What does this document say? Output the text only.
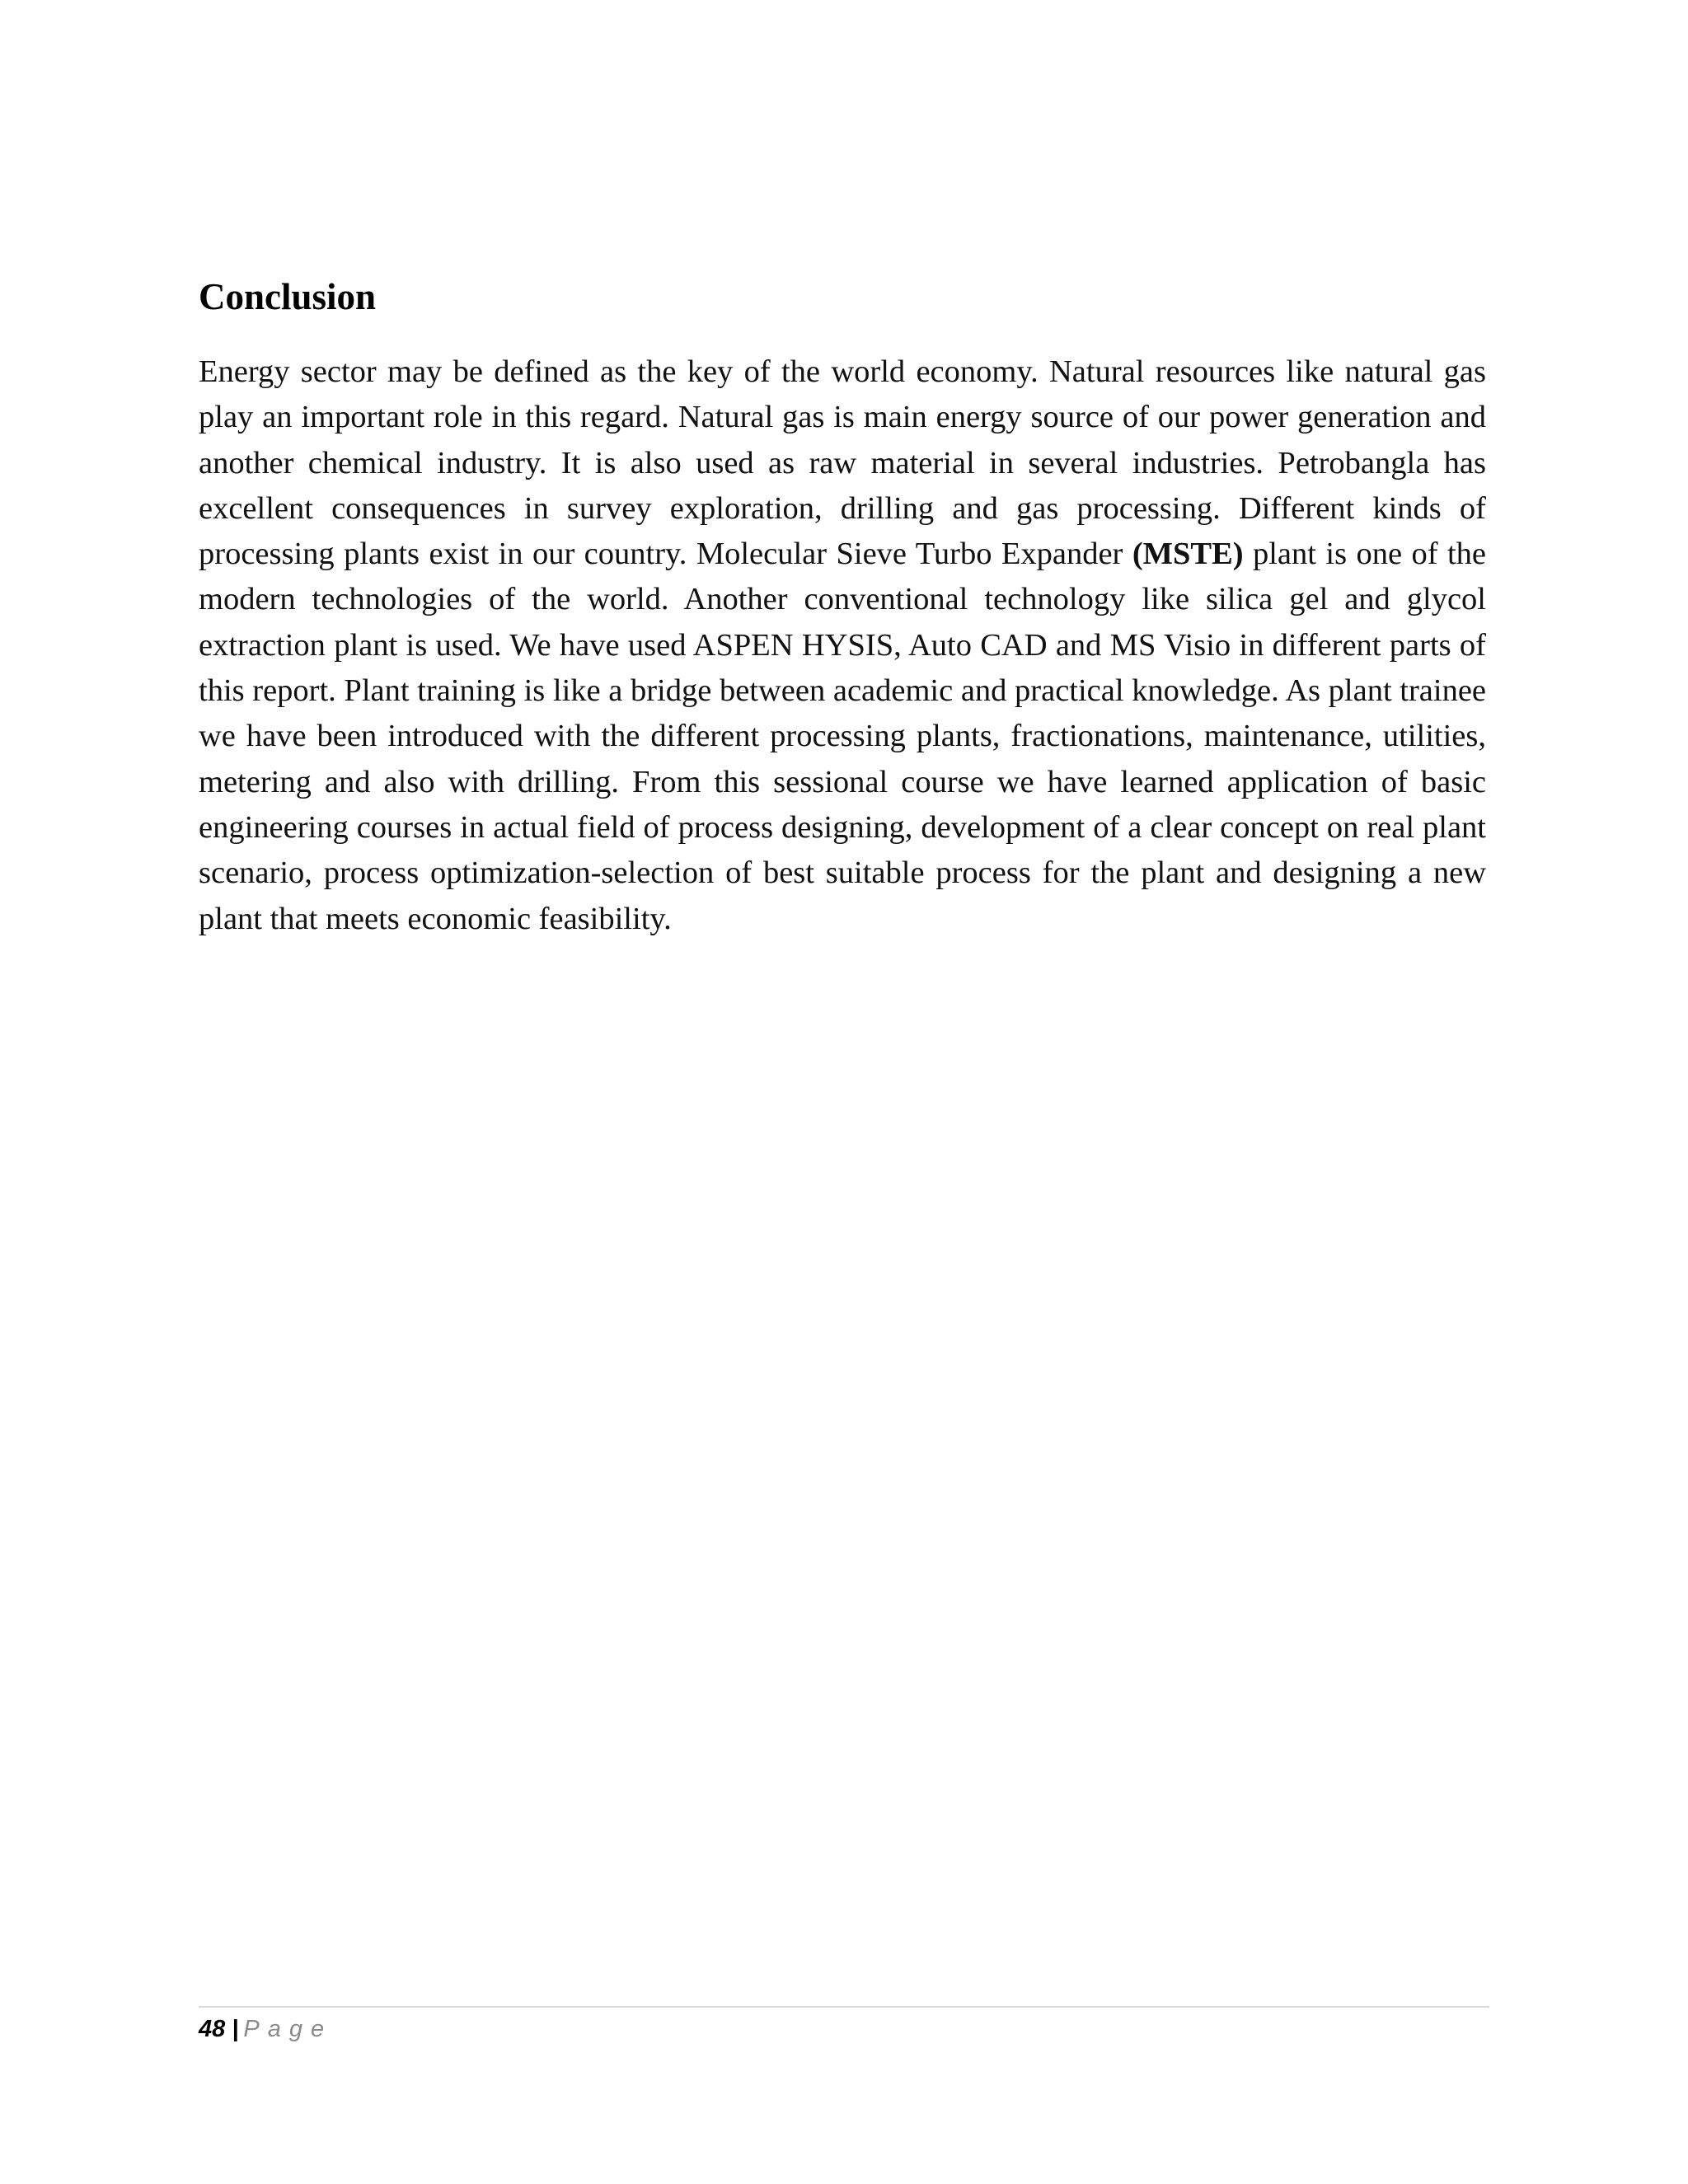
Conclusion

Energy sector may be defined as the key of the world economy. Natural resources like natural gas play an important role in this regard. Natural gas is main energy source of our power generation and another chemical industry. It is also used as raw material in several industries. Petrobangla has excellent consequences in survey exploration, drilling and gas processing. Different kinds of processing plants exist in our country. Molecular Sieve Turbo Expander (MSTE) plant is one of the modern technologies of the world. Another conventional technology like silica gel and glycol extraction plant is used. We have used ASPEN HYSIS, Auto CAD and MS Visio in different parts of this report. Plant training is like a bridge between academic and practical knowledge. As plant trainee we have been introduced with the different processing plants, fractionations, maintenance, utilities, metering and also with drilling. From this sessional course we have learned application of basic engineering courses in actual field of process designing, development of a clear concept on real plant scenario, process optimization-selection of best suitable process for the plant and designing a new plant that meets economic feasibility.

48 | Page
